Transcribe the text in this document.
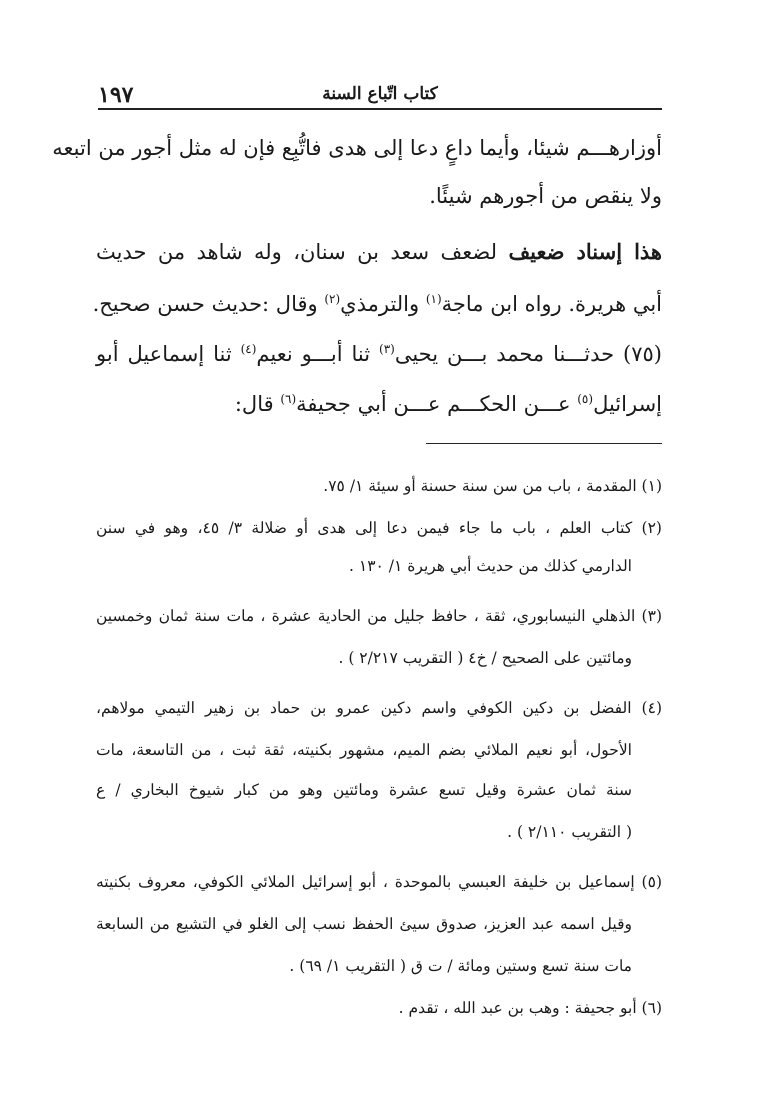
١٩٧	كتاب اتّباع السنة
أوزارهـــم شيئا، وأيما داعٍ دعا إلى هدى فاتُّبِع فإن له مثل أجور من اتبعه
ولا ينقص من أجورهم شيئًا.
هذا إسناد ضعيف لضعف سعد بن سنان، وله شاهد من حديث
أبي هريرة. رواه ابن ماجة$^{(١)}$ والترمذي$^{(٢)}$ وقال :حديث حسن صحيح.
(٧٥) حدثـــنا محمد بـــن يحيى$^{(٣)}$ ثنا أبـــو نعيم$^{(٤)}$ ثنا إسماعيل أبو
إسرائيل$^{(٥)}$ عـــن الحكـــم عـــن أبي جحيفة$^{(٦)}$ قال:
(١) المقدمة ، باب من سن سنة حسنة أو سيئة ١/ ٧٥.
(٢) كتاب العلم ، باب ما جاء فيمن دعا إلى هدى أو ضلالة ٣/ ٤٥، وهو في سنن
الدارمي كذلك من حديث أبي هريرة ١/ ١٣٠ .
(٣) الذهلي النيسابوري، ثقة ، حافظ جليل من الحادية عشرة ، مات سنة ثمان وخمسين
ومائتين على الصحيح / خ٤ ( التقريب ٢/٢١٧ ) .
(٤) الفضل بن دكين الكوفي واسم دكين عمرو بن حماد بن زهير التيمي مولاهم،
الأحول، أبو نعيم الملائي بضم الميم، مشهور بكنيته، ثقة ثبت ، من التاسعة، مات
سنة ثمان عشرة وقيل تسع عشرة ومائتين وهو من كبار شيوخ البخاري / ع
( التقريب ٢/١١٠ ) .
(٥) إسماعيل بن خليفة العبسي بالموحدة ، أبو إسرائيل الملائي الكوفي، معروف بكنيته
وقيل اسمه عبد العزيز، صدوق سيئ الحفظ نسب إلى الغلو في التشيع من السابعة
مات سنة تسع وستين ومائة / ت ق ( التقريب ١/ ٦٩) .
(٦) أبو جحيفة : وهب بن عبد الله ، تقدم .
